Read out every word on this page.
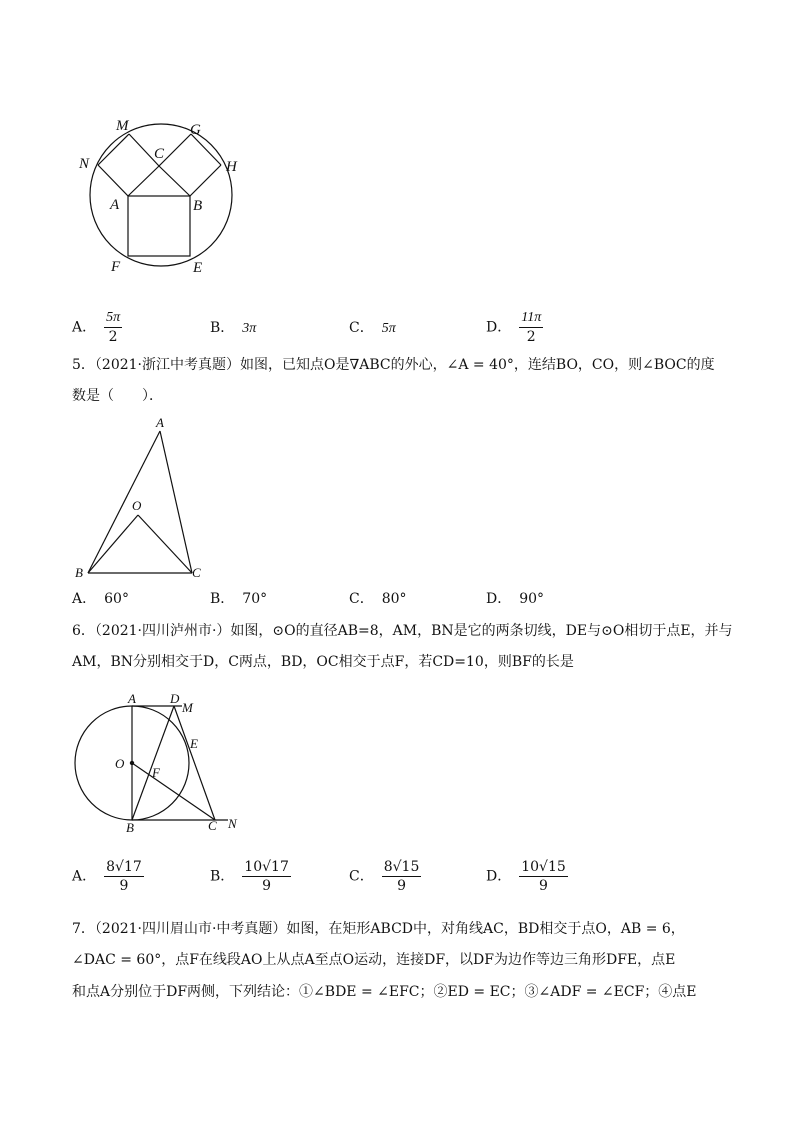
M	G
N
C
H
A	B
F	E
A． $\frac{5\pi}{2}$	B． 3π	C． 5π	D． $\frac{11\pi}{2}$
5．（2021·浙江中考真题）如图，已知点O是∇ABC的外心，∠A = 40°，连结BO，CO，则∠BOC的度
数是（　　）．
A
O
B	C
A． 60°	B． 70°	C． 80°	D． 90°
6．（2021·四川泸州市·）如图，⊙O的直径AB=8，AM，BN是它的两条切线，DE与⊙O相切于点E，并与
AM，BN分别相交于D，C两点，BD，OC相交于点F，若CD=10，则BF的长是
A	D
M
E
O
F
B	C N
A． $\frac{8√17}{9}$	B． $\frac{10√17}{9}$	C． $\frac{8√15}{9}$	D． $\frac{10√15}{9}$
7．（2021·四川眉山市·中考真题）如图，在矩形ABCD中，对角线AC，BD相交于点O，AB = 6，
∠DAC = 60°，点F在线段AO上从点A至点O运动，连接DF，以DF为边作等边三角形DFE，点E
和点A分别位于DF两侧，下列结论：①∠BDE = ∠EFC；②ED = EC；③∠ADF = ∠ECF；④点E
